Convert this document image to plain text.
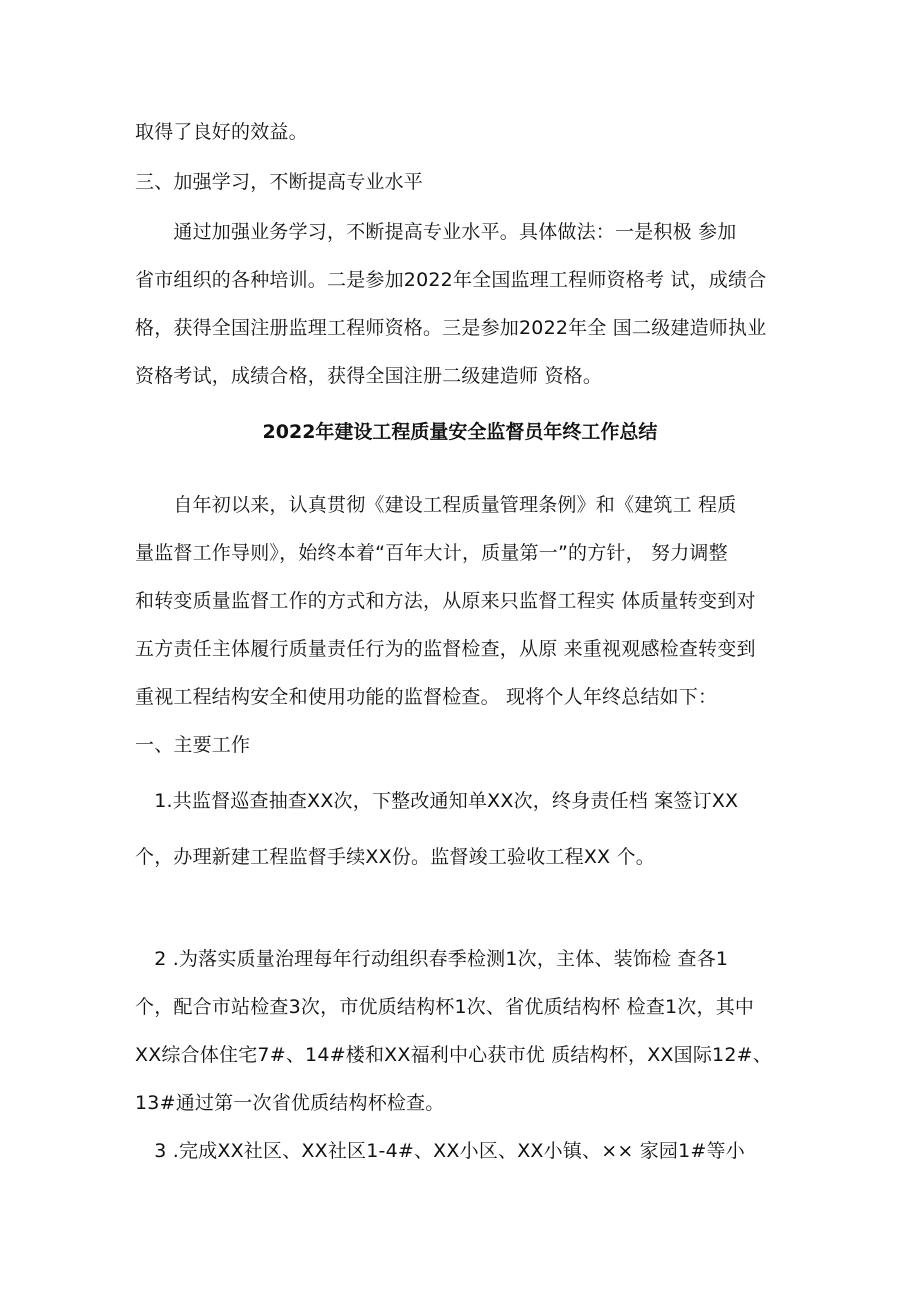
取得了良好的效益。
三、加强学习，不断提高专业水平
　　通过加强业务学习，不断提高专业水平。具体做法：一是积极 参加
省市组织的各种培训。二是参加2022年全国监理工程师资格考 试，成绩合
格，获得全国注册监理工程师资格。三是参加2022年全 国二级建造师执业
资格考试，成绩合格，获得全国注册二级建造师 资格。
2022年建设工程质量安全监督员年终工作总结
　　自年初以来，认真贯彻《建设工程质量管理条例》和《建筑工 程质
量监督工作导则》，始终本着“百年大计，质量第一”的方针， 努力调整
和转变质量监督工作的方式和方法，从原来只监督工程实 体质量转变到对
五方责任主体履行质量责任行为的监督检查，从原 来重视观感检查转变到
重视工程结构安全和使用功能的监督检查。 现将个人年终总结如下：
一、主要工作
　1.共监督巡查抽查XX次，下整改通知单XX次，终身责任档 案签订XX
个，办理新建工程监督手续XX份。监督竣工验收工程XX 个。
　2 .为落实质量治理每年行动组织春季检测1次，主体、装饰检 查各1
个，配合市站检查3次，市优质结构杯1次、省优质结构杯 检查1次，其中
XX综合体住宅7#、14#楼和XX福利中心获市优 质结构杯，XX国际12#、
13#通过第一次省优质结构杯检查。
　3 .完成XX社区、XX社区1-4#、XX小区、XX小镇、×× 家园1#等小
